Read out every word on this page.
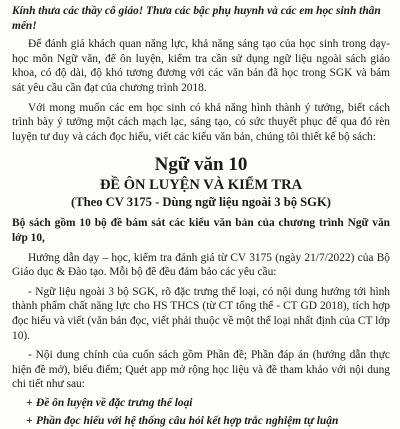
Kính thưa các thầy cô giáo! Thưa các bậc phụ huynh và các em học sinh thân mến!

Để đánh giá khách quan năng lực, khả năng sáng tạo của học sinh trong dạy-học môn Ngữ văn, để ôn luyện, kiểm tra cần sử dụng ngữ liệu ngoài sách giáo khoa, có độ dài, độ khó tương đương với các văn bản đã học trong SGK và bám sát yêu cầu cần đạt của chương trình 2018.

Với mong muốn các em học sinh có khả năng hình thành ý tưởng, biết cách trình bày ý tưởng một cách mạch lạc, sáng tạo, có sức thuyết phục để qua đó rèn luyện tư duy và cách đọc hiểu, viết các kiểu văn bản, chúng tôi thiết kế bộ sách:

Ngữ văn 10
ĐỀ ÔN LUYỆN VÀ KIỂM TRA
(Theo CV 3175 - Dùng ngữ liệu ngoài 3 bộ SGK)

Bộ sách gồm 10 bộ đề bám sát các kiểu văn bản của chương trình Ngữ văn lớp 10,

Hướng dẫn dạy – học, kiểm tra đánh giá từ CV 3175 (ngày 21/7/2022) của Bộ Giáo dục & Đào tạo. Mỗi bộ đề đều đảm bảo các yêu cầu:

- Ngữ liệu ngoài 3 bộ SGK, rõ đặc trưng thể loại, có nội dung hướng tới hình thành phẩm chất năng lực cho HS THCS (từ CT tổng thể - CT GD 2018), tích hợp đọc hiểu và viết (văn bản đọc, viết phải thuộc về một thể loại nhất định của CT lớp 10).

- Nội dung chính của cuốn sách gồm Phần đề; Phần đáp án (hướng dẫn thực hiện đề mở), biểu điểm; Quét app mở rộng học liệu và đề tham khảo với nội dung chi tiết như sau:

+ Đề ôn luyện về đặc trưng thể loại

+ Phần đọc hiểu với hệ thống câu hỏi kết hợp trắc nghiệm tự luận
